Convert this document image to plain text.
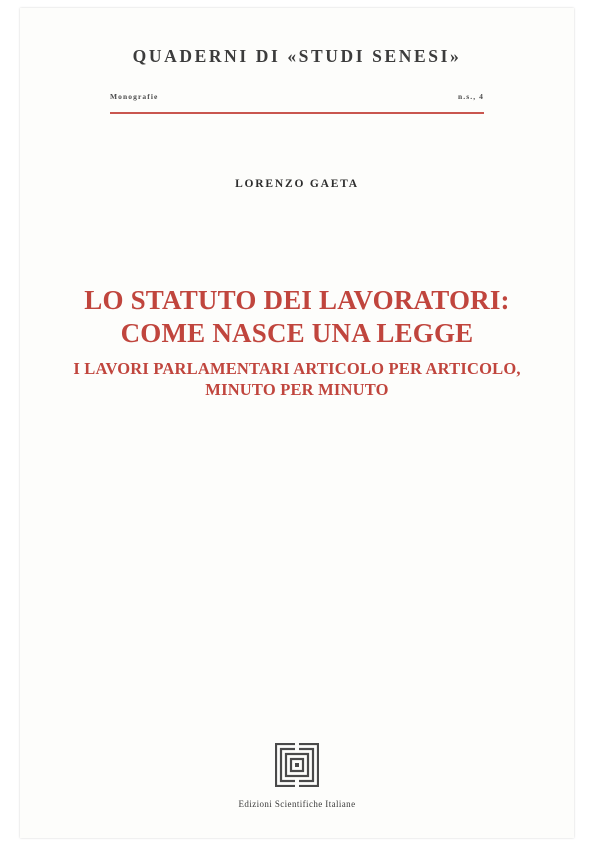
QUADERNI DI «STUDI SENESI»
Monografie	n.s., 4
LORENZO GAETA
LO STATUTO DEI LAVORATORI:
COME NASCE UNA LEGGE
I LAVORI PARLAMENTARI ARTICOLO PER ARTICOLO,
MINUTO PER MINUTO
Edizioni Scientifiche Italiane
